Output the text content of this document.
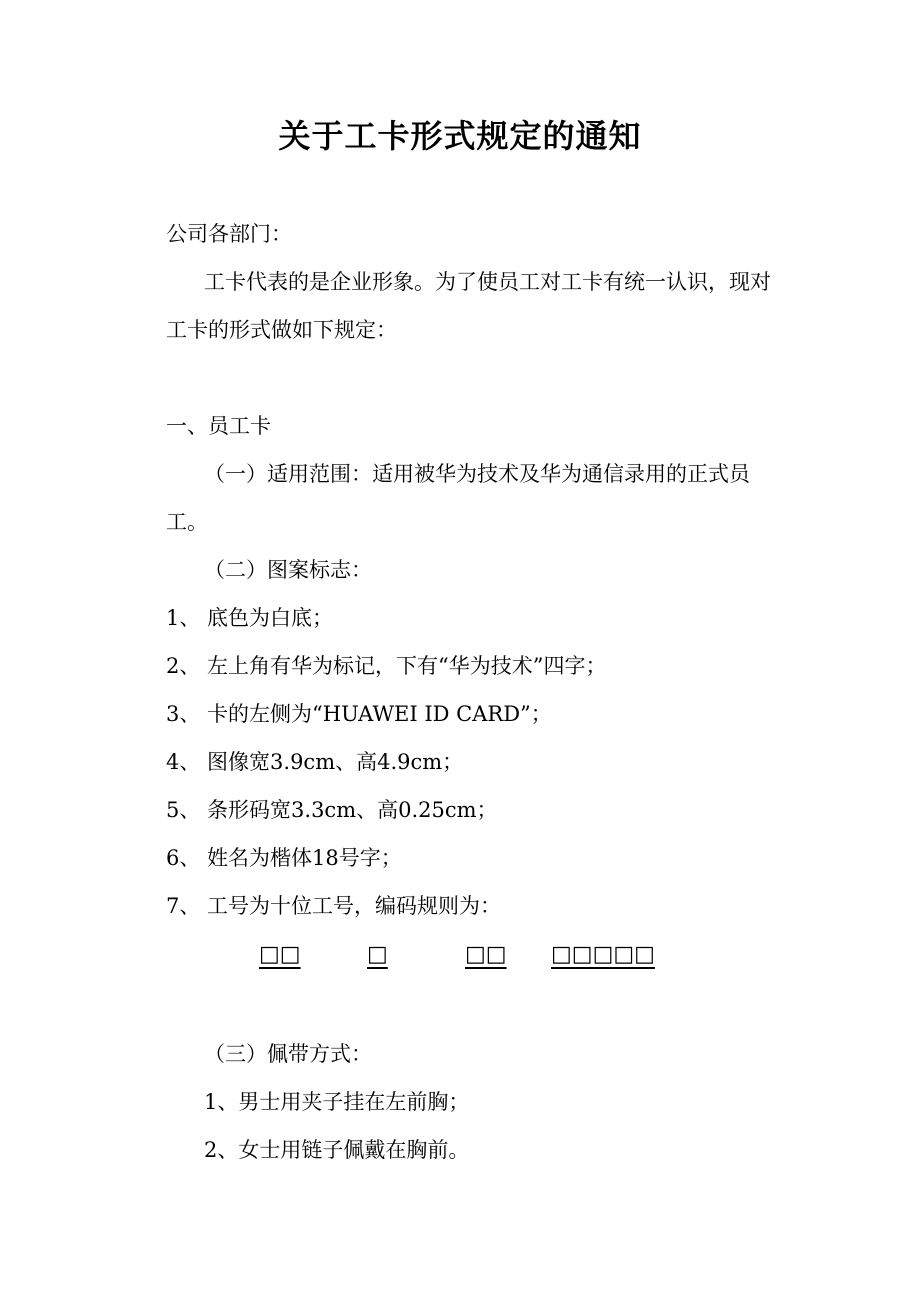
关于工卡形式规定的通知
公司各部门：
工卡代表的是企业形象。为了使员工对工卡有统一认识，现对
工卡的形式做如下规定：
一、员工卡
（一）适用范围：适用被华为技术及华为通信录用的正式员
工。
（二）图案标志：
1、 底色为白底；
2、 左上角有华为标记，下有“华为技术”四字；
3、 卡的左侧为“HUAWEI ID CARD”；
4、 图像宽3.9cm、高4.9cm；
5、 条形码宽3.3cm、高0.25cm；
6、 姓名为楷体18号字；
7、 工号为十位工号，编码规则为：
□□	□	□□ □□□□□
（三）佩带方式：
1、男士用夹子挂在左前胸；
2、女士用链子佩戴在胸前。
